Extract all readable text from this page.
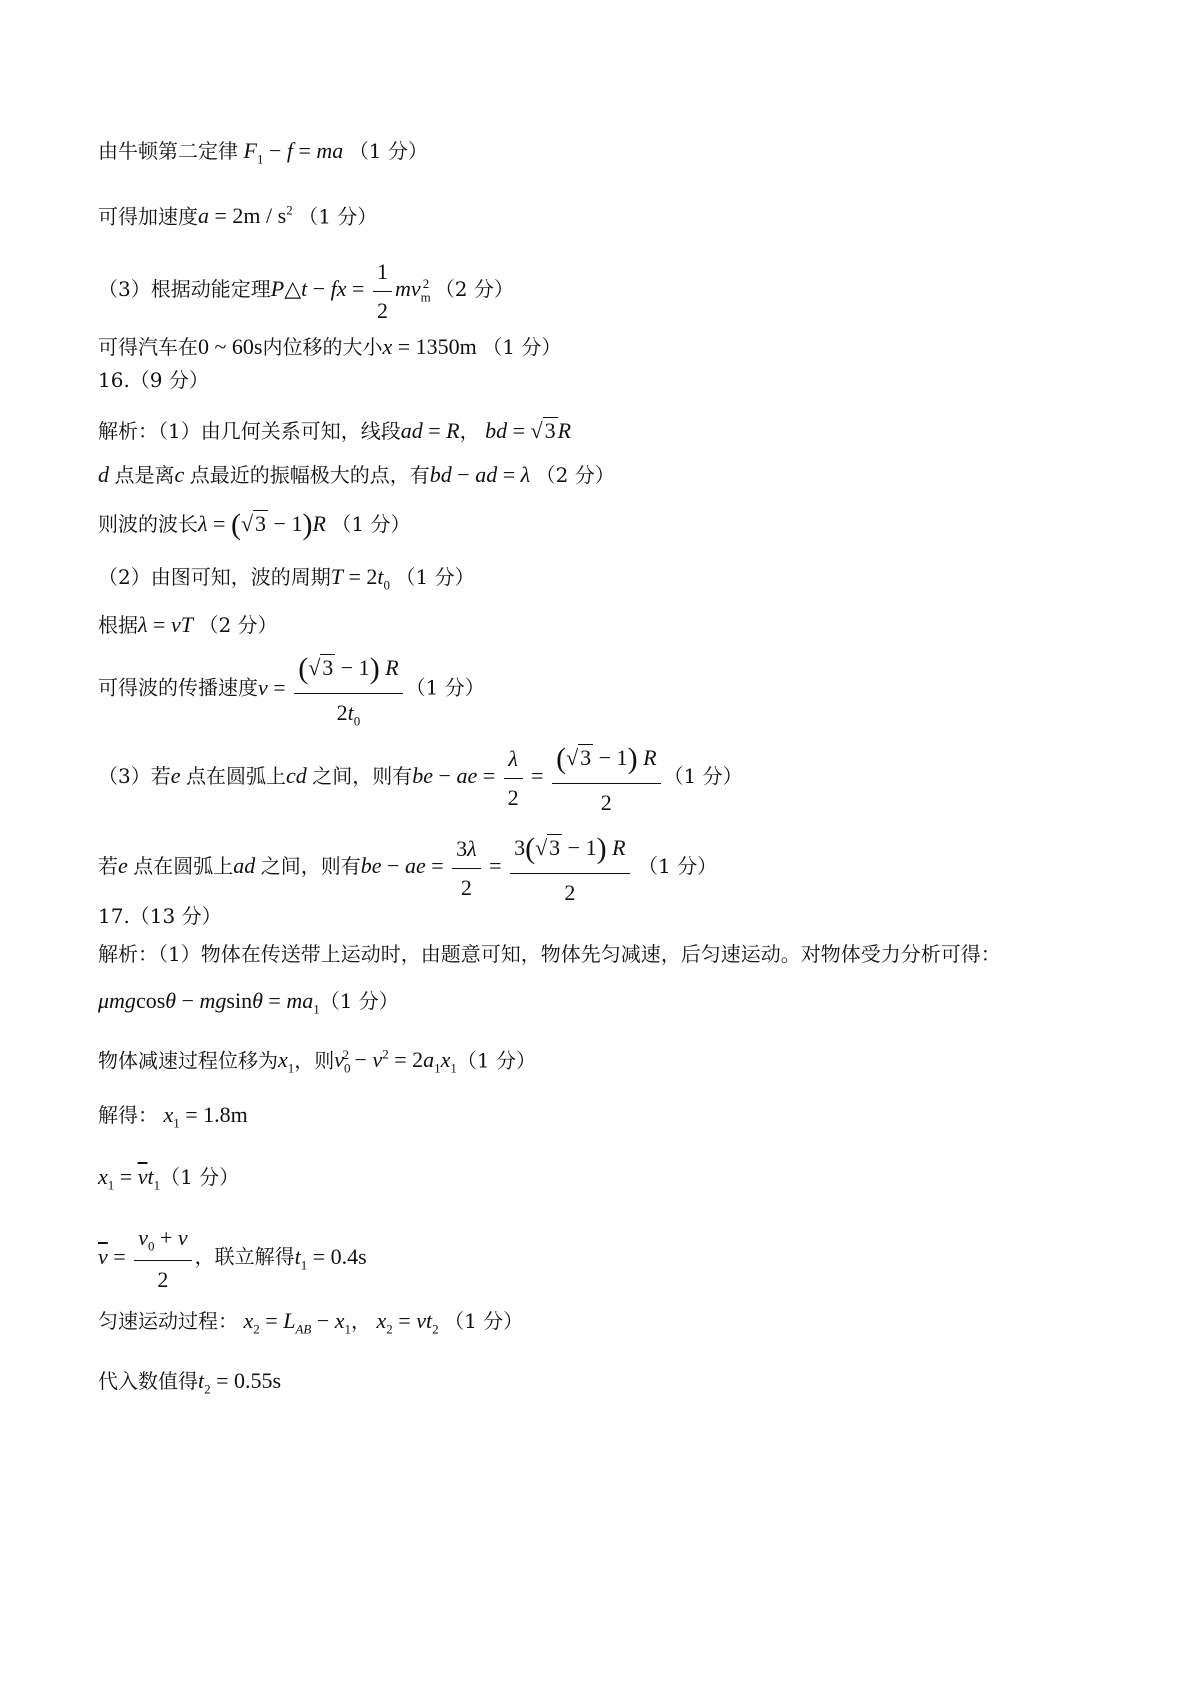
由牛顿第二定律 $F_1 - f$ = ma （1 分）
可得加速度$a = 2m / s^2$ （1 分）
（3）根据动能定理P△t − fx = $\frac{1}{2} mv_m^2$ （2 分）
可得汽车在0 ~ 60s内位移的大小x = 1350m （1 分）
16.（9 分）
解析：（1）由几何关系可知，线段ad = R， bd = √3R
d 点是离c 点最近的振幅极大的点，有bd − ad = λ （2 分）
则波的波长λ = (√3 − 1)R （1 分）
（2）由图可知，波的周期$T = 2t_0$ （1 分）
根据λ = vT （2 分）
可得波的传播速度$v = \frac{(√3 - 1) R}{2t_0} (1$ 分）
（3）若e 点在圆弧上cd 之间，则有be − ae = $\frac{\lambda}{2} = \frac{(√3 - 1) R}{2} (1$ 分）
若e 点在圆弧上ad 之间，则有be − ae = $\frac{3\lambda}{2} = \frac{3(√3 - 1) R}{2} (1$ 分）
17.（13 分）
解析：（1）物体在传送带上运动时，由题意可知，物体先匀减速，后匀速运动。对物体受力分析可得：
$\mu mgcos\theta - mgsin\theta = ma_1(1$ 分）
物体减速过程位移为$x_1$，则$v_0^2 - v^2 = 2a_1x_1(1$ 分）
解得： $x_1 = 1.8m$
$x_1 = \overline{v}t_1(1$ 分）
$\overline{v} = \frac{v_0 + v}{2}$ ，联立解得$t_1 = 0.4s$
匀速运动过程： $x_2 = L_{AB} - x_1$， $x_2 = vt_2$ （1 分）
代入数值得$t_2 = 0.55s$
